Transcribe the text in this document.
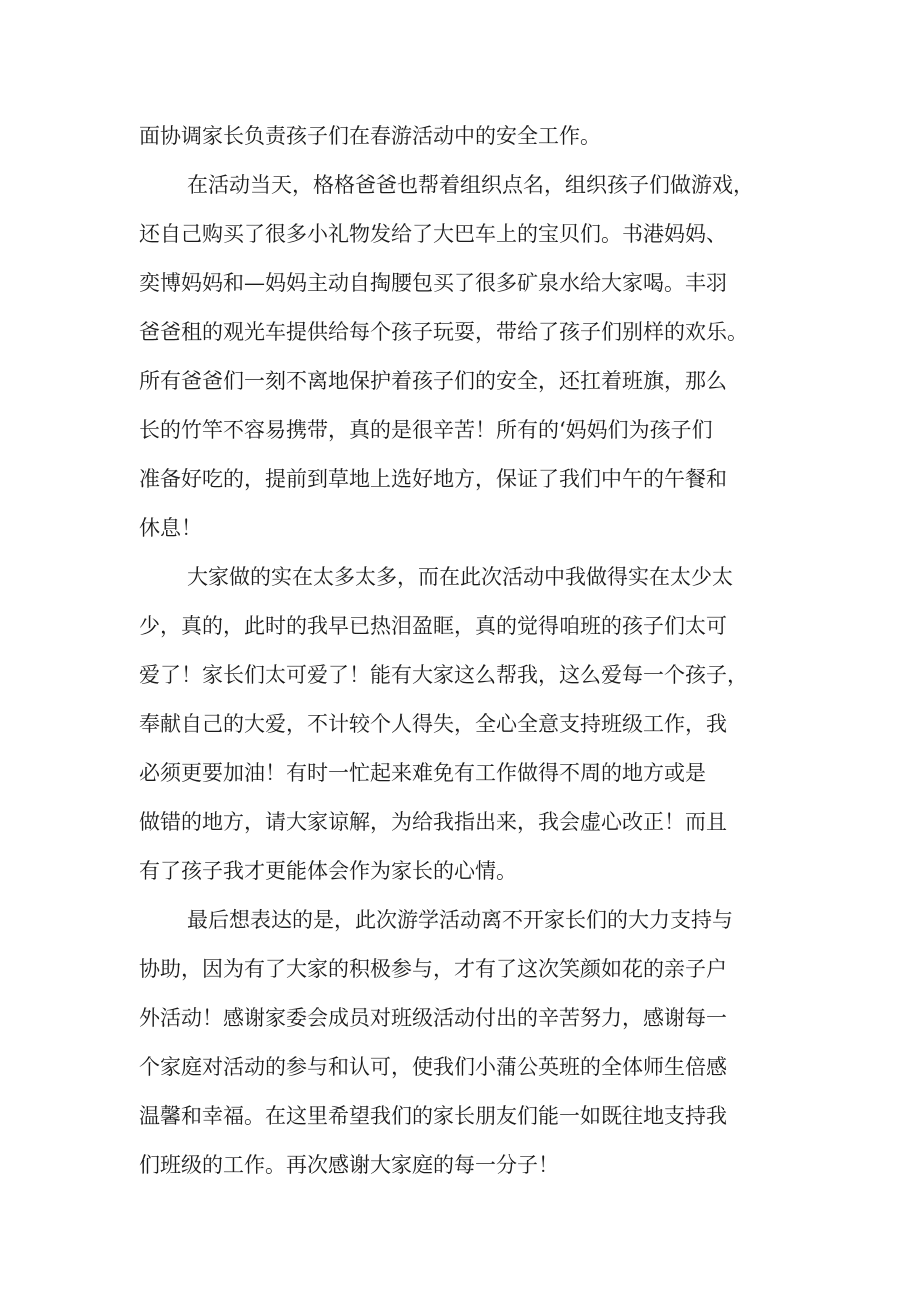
面协调家长负责孩子们在春游活动中的安全工作。

在活动当天，格格爸爸也帮着组织点名，组织孩子们做游戏，

还自己购买了很多小礼物发给了大巴车上的宝贝们。书港妈妈、

奕博妈妈和—妈妈主动自掏腰包买了很多矿泉水给大家喝。丰羽

爸爸租的观光车提供给每个孩子玩耍，带给了孩子们别样的欢乐。

所有爸爸们一刻不离地保护着孩子们的安全，还扛着班旗，那么

长的竹竿不容易携带，真的是很辛苦！所有的‘妈妈们为孩子们

准备好吃的，提前到草地上选好地方，保证了我们中午的午餐和

休息！

大家做的实在太多太多，而在此次活动中我做得实在太少太

少，真的，此时的我早已热泪盈眶，真的觉得咱班的孩子们太可

爱了！家长们太可爱了！能有大家这么帮我，这么爱每一个孩子，

奉献自己的大爱，不计较个人得失，全心全意支持班级工作，我

必须更要加油！有时一忙起来难免有工作做得不周的地方或是

做错的地方，请大家谅解，为给我指出来，我会虚心改正！而且

有了孩子我才更能体会作为家长的心情。

最后想表达的是，此次游学活动离不开家长们的大力支持与

协助，因为有了大家的积极参与，才有了这次笑颜如花的亲子户

外活动！感谢家委会成员对班级活动付出的辛苦努力，感谢每一

个家庭对活动的参与和认可，使我们小蒲公英班的全体师生倍感

温馨和幸福。在这里希望我们的家长朋友们能一如既往地支持我

们班级的工作。再次感谢大家庭的每一分子！
